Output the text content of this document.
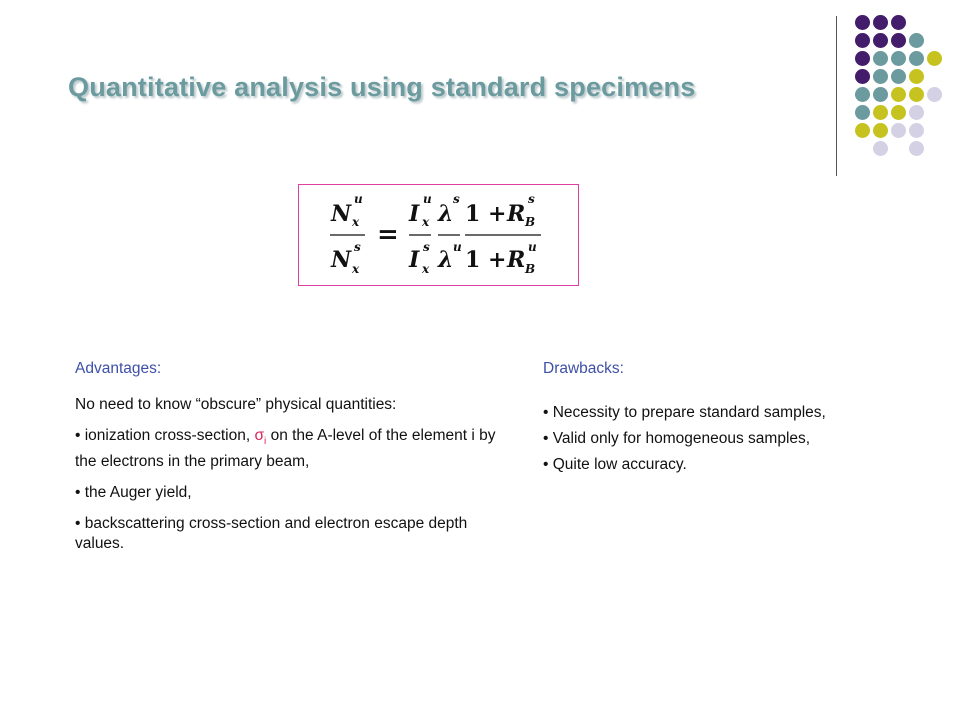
Quantitative analysis using standard specimens
N
u
x
N s
x
=
I
u
x
I s
x
λ
s
λ u
1 + R
s
B
1 + R u
B

Advantages:

No need to know “obscure” physical quantities:

• ionization cross-section, $\sigma_i$ on the A-level of the element i by the electrons in the primary beam,

• the Auger yield,

• backscattering cross-section and electron escape depth values.

Drawbacks:

• Necessity to prepare standard samples,

• Valid only for homogeneous samples,

• Quite low accuracy.
